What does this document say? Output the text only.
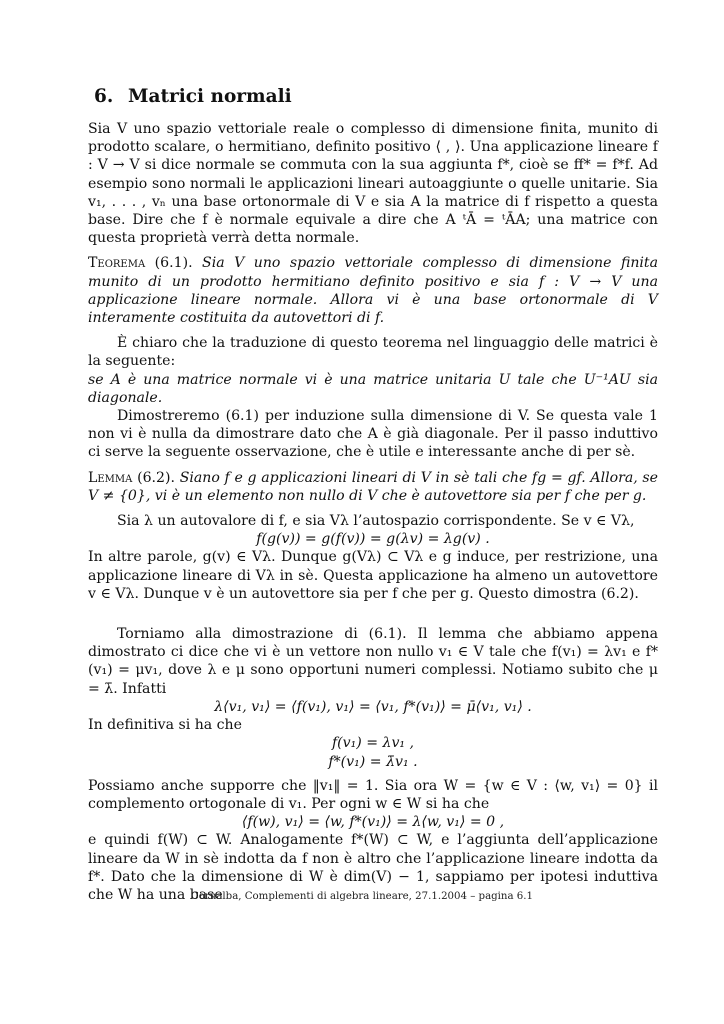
6. Matrici normali

Sia V uno spazio vettoriale reale o complesso di dimensione finita, munito di prodotto scalare, o hermitiano, definito positivo ⟨ , ⟩. Una applicazione lineare f : V → V si dice normale se commuta con la sua aggiunta f*, cioè se ff* = f*f. Ad esempio sono normali le applicazioni lineari autoaggiunte o quelle unitarie. Sia v₁, . . . , vₙ una base ortonormale di V e sia A la matrice di f rispetto a questa base. Dire che f è normale equivale a dire che A ᵗĀ = ᵗĀA; una matrice con questa proprietà verrà detta normale.

Teorema (6.1). Sia V uno spazio vettoriale complesso di dimensione finita munito di un prodotto hermitiano definito positivo e sia f : V → V una applicazione lineare normale. Allora vi è una base ortonormale di V interamente costituita da autovettori di f.

È chiaro che la traduzione di questo teorema nel linguaggio delle matrici è la seguente:

se A è una matrice normale vi è una matrice unitaria U tale che U⁻¹AU sia diagonale.

Dimostreremo (6.1) per induzione sulla dimensione di V. Se questa vale 1 non vi è nulla da dimostrare dato che A è già diagonale. Per il passo induttivo ci serve la seguente osservazione, che è utile e interessante anche di per sè.

Lemma (6.2). Siano f e g applicazioni lineari di V in sè tali che fg = gf. Allora, se V ≠ {0}, vi è un elemento non nullo di V che è autovettore sia per f che per g.

Sia λ un autovalore di f, e sia Vλ l’autospazio corrispondente. Se v ∈ Vλ,

f(g(v)) = g(f(v)) = g(λv) = λg(v) .

In altre parole, g(v) ∈ Vλ. Dunque g(Vλ) ⊂ Vλ e g induce, per restrizione, una applicazione lineare di Vλ in sè. Questa applicazione ha almeno un autovettore v ∈ Vλ. Dunque v è un autovettore sia per f che per g. Questo dimostra (6.2).

Torniamo alla dimostrazione di (6.1). Il lemma che abbiamo appena dimostrato ci dice che vi è un vettore non nullo v₁ ∈ V tale che f(v₁) = λv₁ e f*(v₁) = μv₁, dove λ e μ sono opportuni numeri complessi. Notiamo subito che μ = λ̄. Infatti

λ⟨v₁, v₁⟩ = ⟨f(v₁), v₁⟩ = ⟨v₁, f*(v₁)⟩ = μ̄⟨v₁, v₁⟩ .

In definitiva si ha che

f(v₁) = λv₁ ,

f*(v₁) = λ̄v₁ .

Possiamo anche supporre che ‖v₁‖ = 1. Sia ora W = {w ∈ V : ⟨w, v₁⟩ = 0} il complemento ortogonale di v₁. Per ogni w ∈ W si ha che

⟨f(w), v₁⟩ = ⟨w, f*(v₁)⟩ = λ⟨w, v₁⟩ = 0 ,

e quindi f(W) ⊂ W. Analogamente f*(W) ⊂ W, e l’aggiunta dell’applicazione lineare da W in sè indotta da f non è altro che l’applicazione lineare indotta da f*. Dato che la dimensione di W è dim(V) − 1, sappiamo per ipotesi induttiva che W ha una base

Cornalba, Complementi di algebra lineare, 27.1.2004 – pagina 6.1
